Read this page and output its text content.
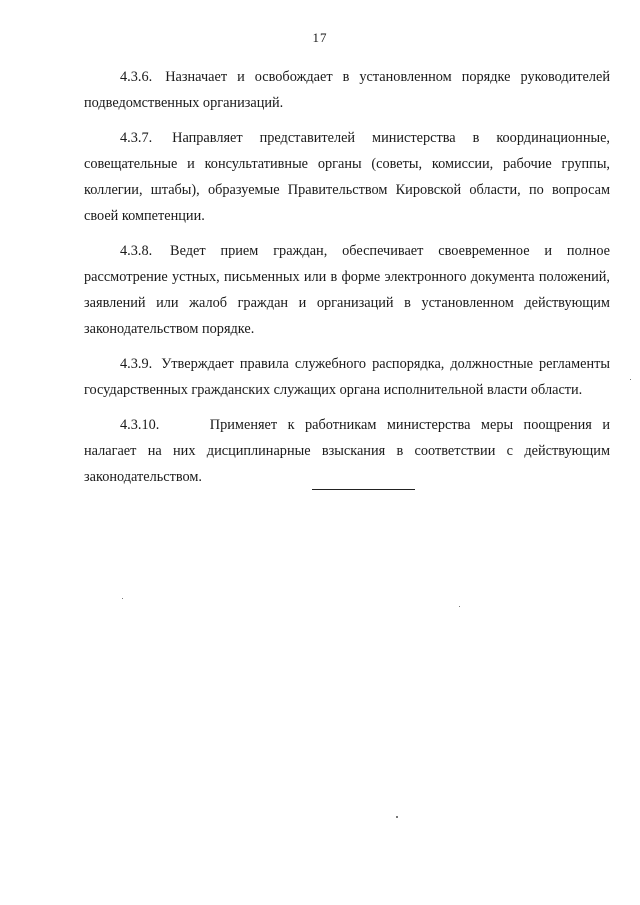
17

4.3.6. Назначает и освобождает в установленном порядке руководителей подведомственных организаций.

4.3.7. Направляет представителей министерства в координационные, совещательные и консультативные органы (советы, комиссии, рабочие группы, коллегии, штабы), образуемые Правительством Кировской области, по вопросам своей компетенции.

4.3.8. Ведет прием граждан, обеспечивает своевременное и полное рассмотрение устных, письменных или в форме электронного документа положений, заявлений или жалоб граждан и организаций в установленном действующим законодательством порядке.

4.3.9. Утверждает правила служебного распорядка, должностные регламенты государственных гражданских служащих органа исполнительной власти области.

4.3.10.	Применяет к работникам министерства меры поощрения и налагает на них дисциплинарные взыскания в соответствии с действующим законодательством.
